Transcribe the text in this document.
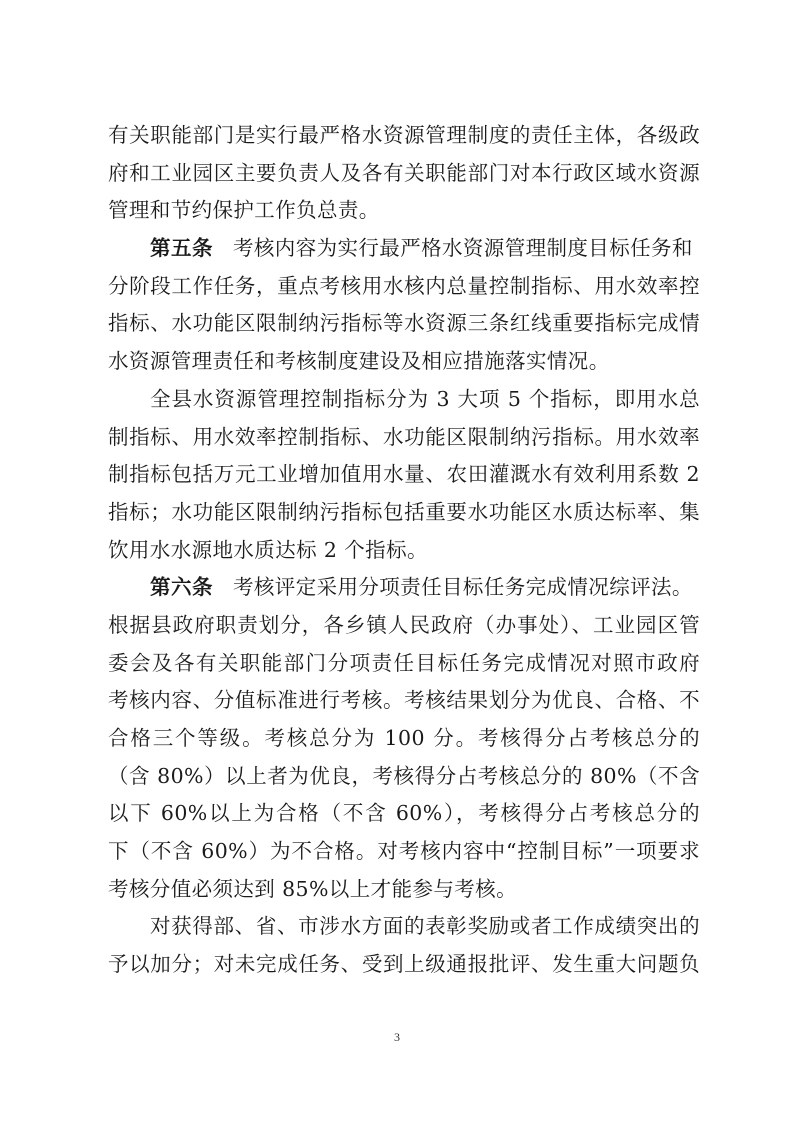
有关职能部门是实行最严格水资源管理制度的责任主体，各级政
府和工业园区主要负责人及各有关职能部门对本行政区域水资源
管理和节约保护工作负总责。
第五条 考核内容为实行最严格水资源管理制度目标任务和
分阶段工作任务，重点考核用水核内总量控制指标、用水效率控
指标、水功能区限制纳污指标等水资源三条红线重要指标完成情
水资源管理责任和考核制度建设及相应措施落实情况。
全县水资源管理控制指标分为 3 大项 5 个指标，即用水总
制指标、用水效率控制指标、水功能区限制纳污指标。用水效率
制指标包括万元工业增加值用水量、农田灌溉水有效利用系数 2
指标；水功能区限制纳污指标包括重要水功能区水质达标率、集
饮用水水源地水质达标 2 个指标。
第六条 考核评定采用分项责任目标任务完成情况综评法。
根据县政府职责划分，各乡镇人民政府（办事处）、工业园区管
委会及各有关职能部门分项责任目标任务完成情况对照市政府
考核内容、分值标准进行考核。考核结果划分为优良、合格、不
合格三个等级。考核总分为 100 分。考核得分占考核总分的
（含 80%）以上者为优良，考核得分占考核总分的 80%（不含
以下 60%以上为合格（不含 60%），考核得分占考核总分的
下（不含 60%）为不合格。对考核内容中“控制目标”一项要求
考核分值必须达到 85%以上才能参与考核。
对获得部、省、市涉水方面的表彰奖励或者工作成绩突出的
予以加分；对未完成任务、受到上级通报批评、发生重大问题负
3
